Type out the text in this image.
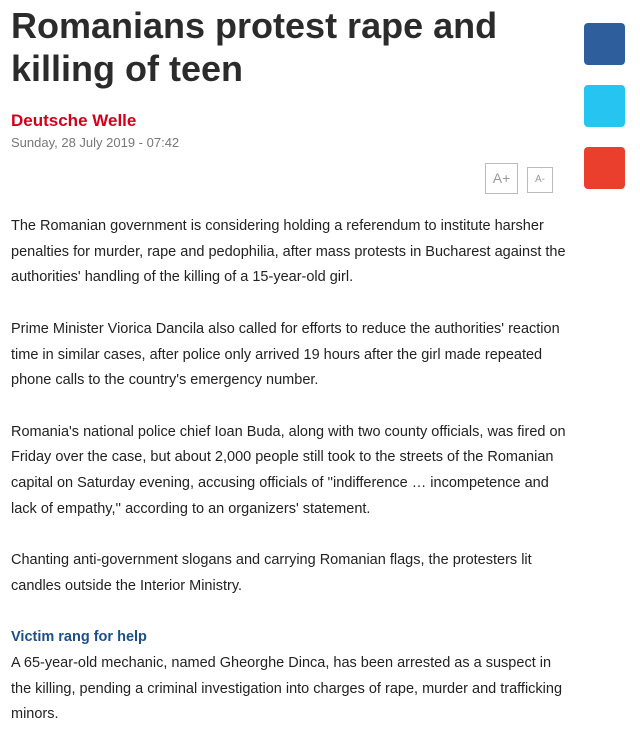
Romanians protest rape and killing of teen
Deutsche Welle
Sunday, 28 July 2019 - 07:42
A+	A-

The Romanian government is considering holding a referendum to institute harsher penalties for murder, rape and pedophilia, after mass protests in Bucharest against the authorities' handling of the killing of a 15-year-old girl.

Prime Minister Viorica Dancila also called for efforts to reduce the authorities' reaction time in similar cases, after police only arrived 19 hours after the girl made repeated phone calls to the country's emergency number.

Romania's national police chief Ioan Buda, along with two county officials, was fired on Friday over the case, but about 2,000 people still took to the streets of the Romanian capital on Saturday evening, accusing officials of ''indifference … incompetence and lack of empathy,'' according to an organizers' statement.

Chanting anti-government slogans and carrying Romanian flags, the protesters lit candles outside the Interior Ministry.

Victim rang for help

A 65-year-old mechanic, named Gheorghe Dinca, has been arrested as a suspect in the killing, pending a criminal investigation into charges of rape, murder and trafficking minors.
